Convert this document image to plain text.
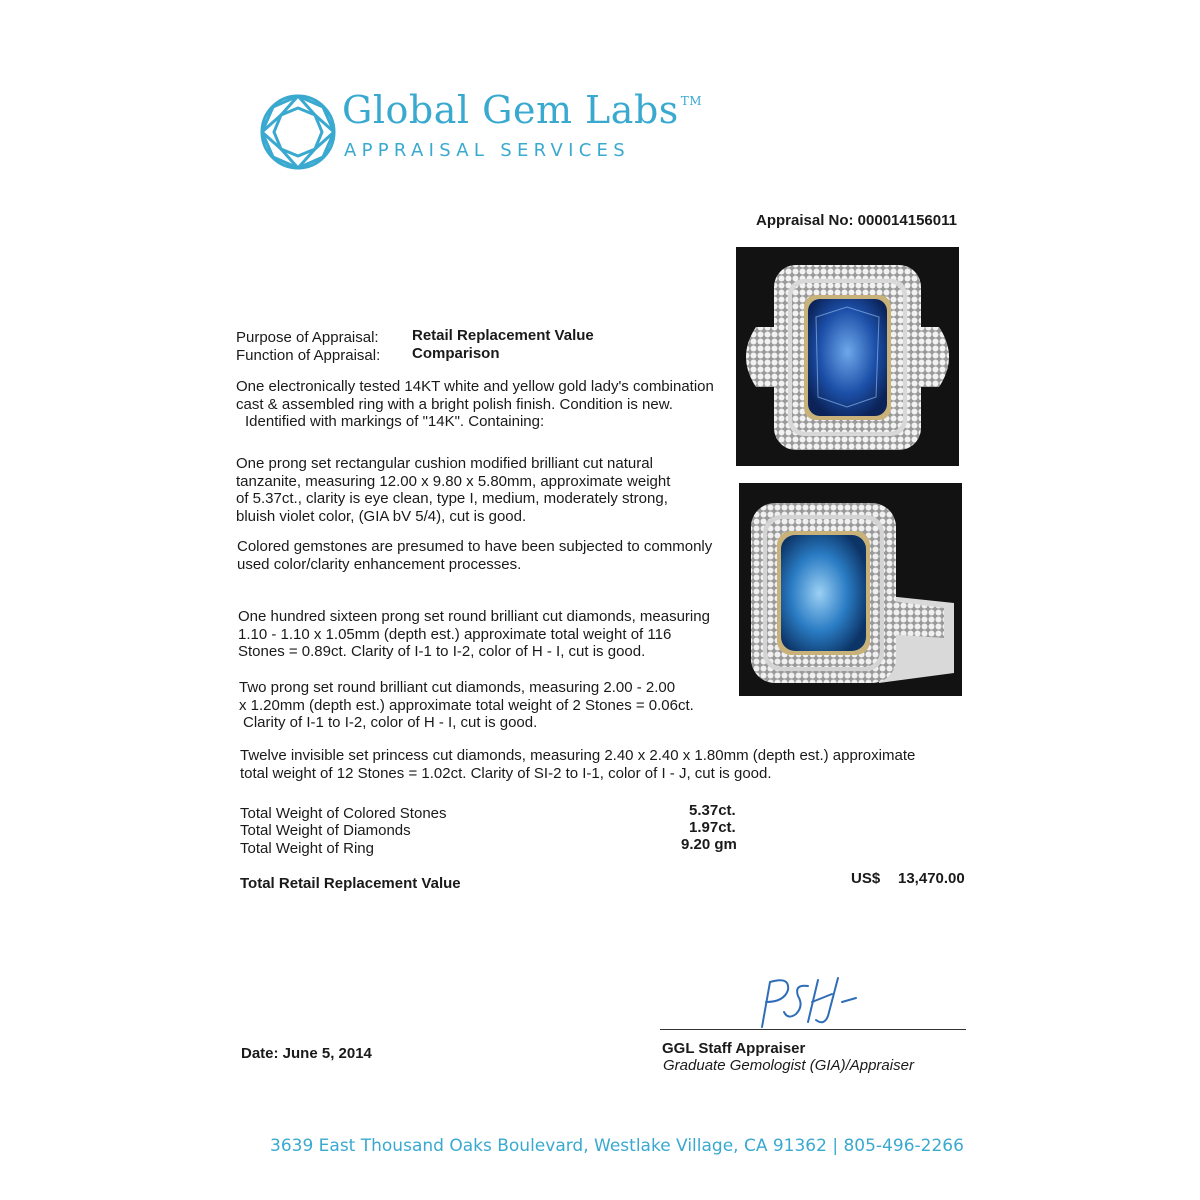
Global Gem Labs ™
APPRAISAL SERVICES
Appraisal No: 000014156011
Purpose of Appraisal: Retail Replacement Value
Function of Appraisal: Comparison
One electronically tested 14KT white and yellow gold lady's combination
cast & assembled ring with a bright polish finish. Condition is new.
Identified with markings of "14K". Containing:
One prong set rectangular cushion modified brilliant cut natural
tanzanite, measuring 12.00 x 9.80 x 5.80mm, approximate weight
of 5.37ct., clarity is eye clean, type I, medium, moderately strong,
bluish violet color, (GIA bV 5/4), cut is good.
Colored gemstones are presumed to have been subjected to commonly
used color/clarity enhancement processes.
One hundred sixteen prong set round brilliant cut diamonds, measuring
1.10 - 1.10 x 1.05mm (depth est.) approximate total weight of 116
Stones = 0.89ct. Clarity of I-1 to I-2, color of H - I, cut is good.
Two prong set round brilliant cut diamonds, measuring 2.00 - 2.00
x 1.20mm (depth est.) approximate total weight of 2 Stones = 0.06ct.
Clarity of I-1 to I-2, color of H - I, cut is good.
Twelve invisible set princess cut diamonds, measuring 2.40 x 2.40 x 1.80mm (depth est.) approximate
total weight of 12 Stones = 1.02ct. Clarity of SI-2 to I-1, color of I - J, cut is good.
Total Weight of Colored Stones	5.37ct.
Total Weight of Diamonds	1.97ct.
Total Weight of Ring	9.20 gm
Total Retail Replacement Value	US$ 13,470.00
Date: June 5, 2014	GGL Staff Appraiser
Graduate Gemologist (GIA)/Appraiser
3639 East Thousand Oaks Boulevard, Westlake Village, CA 91362 | 805-496-2266
